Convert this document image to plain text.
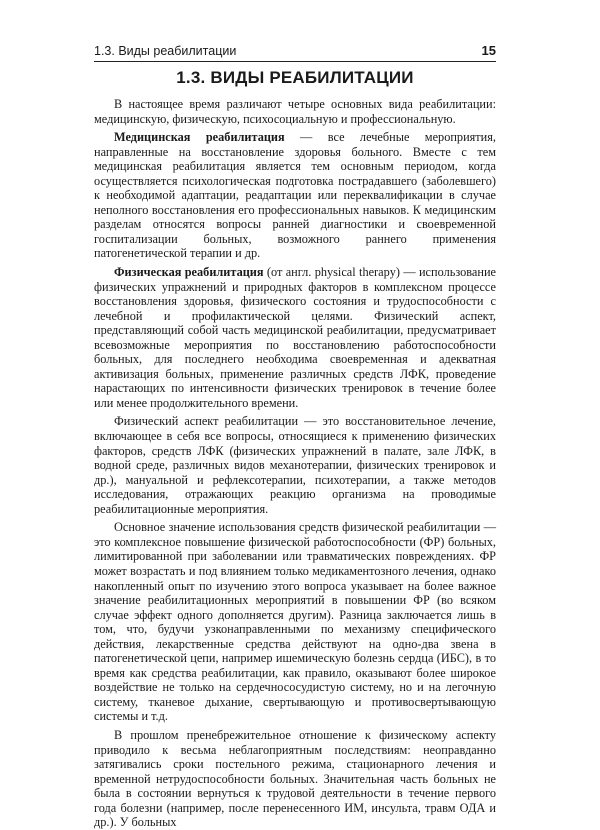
1.3. Виды реабилитации	15
1.3. ВИДЫ РЕАБИЛИТАЦИИ

В настоящее время различают четыре основных вида реабилитации: медицинскую, физическую, психосоциальную и профессиональную.

Медицинская реабилитация — все лечебные мероприятия, направленные на восстановление здоровья больного. Вместе с тем медицинская реабилитация является тем основным периодом, когда осуществляется психологическая подготовка пострадавшего (заболевшего) к необходимой адаптации, реадаптации или переквалификации в случае неполного восстановления его профессиональных навыков. К медицинским разделам относятся вопросы ранней диагностики и своевременной госпитализации больных, возможного раннего применения патогенетической терапии и др.

Физическая реабилитация (от англ. physical therapy) — использование физических упражнений и природных факторов в комплексном процессе восстановления здоровья, физического состояния и трудоспособности с лечебной и профилактической целями. Физический аспект, представляющий собой часть медицинской реабилитации, предусматривает всевозможные мероприятия по восстановлению работоспособности больных, для последнего необходима своевременная и адекватная активизация больных, применение различных средств ЛФК, проведение нарастающих по интенсивности физических тренировок в течение более или менее продолжительного времени.

Физический аспект реабилитации — это восстановительное лечение, включающее в себя все вопросы, относящиеся к применению физических факторов, средств ЛФК (физических упражнений в палате, зале ЛФК, в водной среде, различных видов механотерапии, физических тренировок и др.), мануальной и рефлексотерапии, психотерапии, а также методов исследования, отражающих реакцию организма на проводимые реабилитационные мероприятия.

Основное значение использования средств физической реабилитации — это комплексное повышение физической работоспособности (ФР) больных, лимитированной при заболевании или травматических повреждениях. ФР может возрастать и под влиянием только медикаментозного лечения, однако накопленный опыт по изучению этого вопроса указывает на более важное значение реабилитационных мероприятий в повышении ФР (во всяком случае эффект одного дополняется другим). Разница заключается лишь в том, что, будучи узконаправленными по механизму специфического действия, лекарственные средства действуют на одно-два звена в патогенетической цепи, например ишемическую болезнь сердца (ИБС), в то время как средства реабилитации, как правило, оказывают более широкое воздействие не только на сердечнососудистую систему, но и на легочную систему, тканевое дыхание, свертывающую и противосвертывающую системы и т.д.

В прошлом пренебрежительное отношение к физическому аспекту приводило к весьма неблагоприятным последствиям: неоправданно затягивались сроки постельного режима, стационарного лечения и временной нетрудоспособности больных. Значительная часть больных не была в состоянии вернуться к трудовой деятельности в течение первого года болезни (например, после перенесенного ИМ, инсульта, травм ОДА и др.). У больных
